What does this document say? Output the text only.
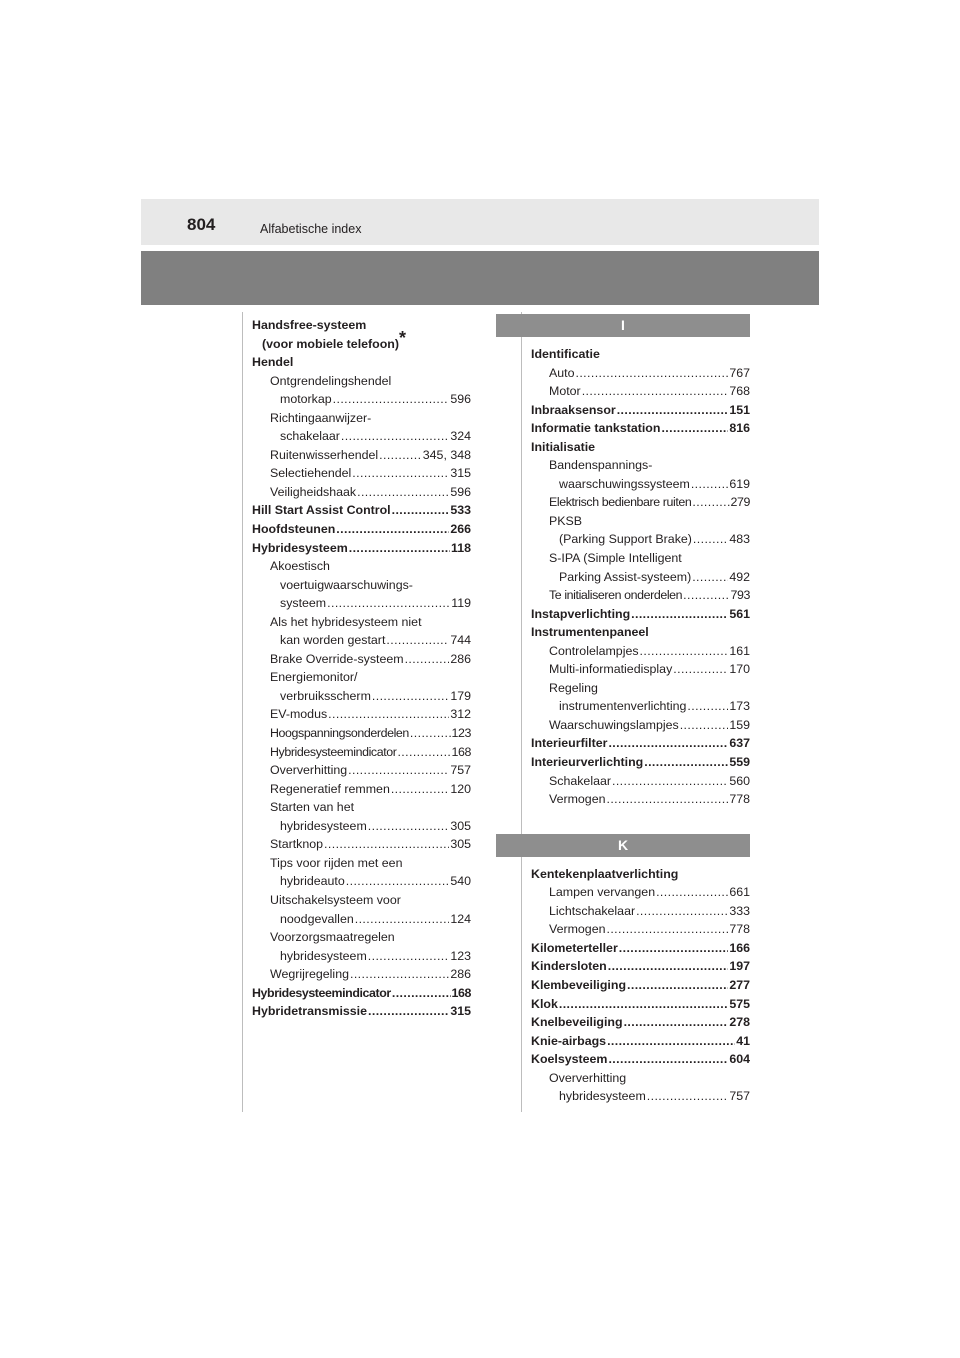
804	Alfabetische index
Handsfree-systeem
(voor mobiele telefoon)*
Hendel
Ontgrendelingshendel
motorkap .....	596
Richtingaanwijzer-
schakelaar .....	324
Ruitenwisserhendel .....	345, 348
Selectiehendel .....	315
Veiligheidshaak .....	596
Hill Start Assist Control .....	533
Hoofdsteunen .....	266
Hybridesysteem .....	118
Akoestisch
voertuigwaarschuwings-
systeem .....	119
Als het hybridesysteem niet
kan worden gestart .....	744
Brake Override-systeem .....	286
Energiemonitor/
verbruiksscherm .....	179
EV-modus .....	312
Hoogspanningsonderdelen .....	123
Hybridesysteemindicator .....	168
Oververhitting .....	757
Regeneratief remmen .....	120
Starten van het
hybridesysteem .....	305
Startknop .....	305
Tips voor rijden met een
hybrideauto .....	540
Uitschakelsysteem voor
noodgevallen .....	124
Voorzorgsmaatregelen
hybridesysteem .....	123
Wegrijregeling .....	286
Hybridesysteemindicator .....	168
Hybridetransmissie .....	315
I
Identificatie
Auto .....	767
Motor .....	768
Inbraaksensor .....	151
Informatie tankstation .....	816
Initialisatie
Bandenspannings-
waarschuwingssysteem .....	619
Elektrisch bedienbare ruiten .....	279
PKSB
(Parking Support Brake) .....	483
S-IPA (Simple Intelligent
Parking Assist-systeem) .....	492
Te initialiseren onderdelen .....	793
Instapverlichting .....	561
Instrumentenpaneel
Controlelampjes .....	161
Multi-informatiedisplay .....	170
Regeling
instrumentenverlichting .....	173
Waarschuwingslampjes .....	159
Interieurfilter .....	637
Interieurverlichting .....	559
Schakelaar .....	560
Vermogen .....	778
K
Kentekenplaatverlichting
Lampen vervangen .....	661
Lichtschakelaar .....	333
Vermogen .....	778
Kilometerteller .....	166
Kindersloten .....	197
Klembeveiliging .....	277
Klok .....	575
Knelbeveiliging .....	278
Knie-airbags .....	41
Koelsysteem .....	604
Oververhitting
hybridesysteem .....	757
